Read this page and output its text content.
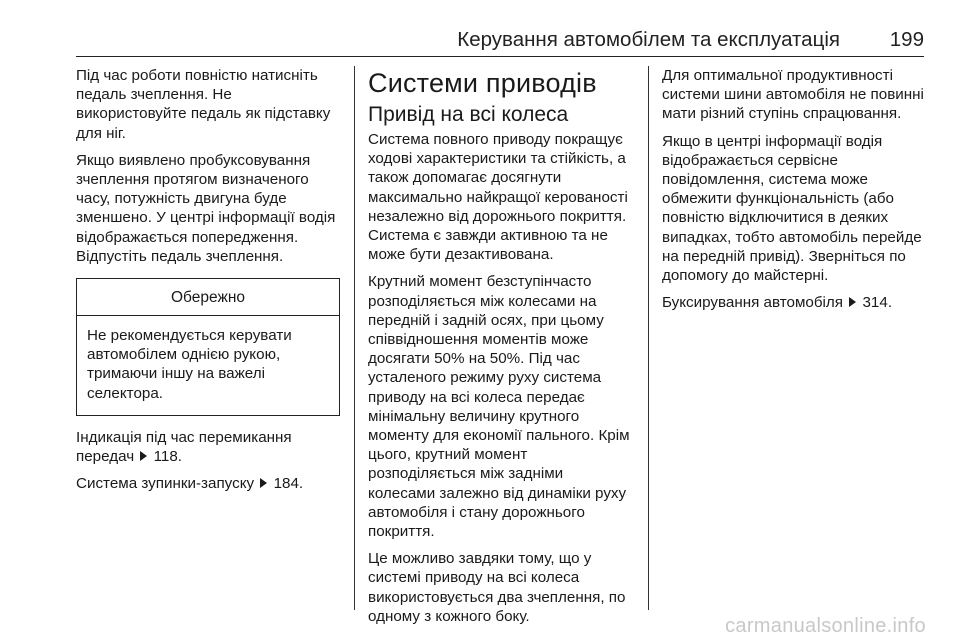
Керування автомобілем та експлуатація 199

Під час роботи повністю натисніть педаль зчеплення. Не використовуйте педаль як підставку для ніг.

Якщо виявлено пробуксовування зчеплення протягом визначеного часу, потужність двигуна буде зменшено. У центрі інформації водія відображається попередження. Відпустіть педаль зчеплення.

Обережно
Не рекомендується керувати автомобілем однією рукою, тримаючи іншу на важелі селектора.

Індикація під час перемикання передач 118.

Система зупинки-запуску 184.

Системи приводів
Привід на всі колеса

Система повного приводу покращує ходові характеристики та стійкість, а також допомагає досягнути максимально найкращої керованості незалежно від дорожнього покриття. Система є завжди активною та не може бути дезактивована.

Крутний момент безступінчасто розподіляється між колесами на передній і задній осях, при цьому співвідношення моментів може досягати 50% на 50%. Під час усталеного режиму руху система приводу на всі колеса передає мінімальну величину крутного моменту для економії пального. Крім цього, крутний момент розподіляється між задніми колесами залежно від динаміки руху автомобіля і стану дорожнього покриття.

Це можливо завдяки тому, що у системі приводу на всі колеса використовується два зчеплення, по одному з кожного боку.

Для оптимальної продуктивності системи шини автомобіля не повинні мати різний ступінь спрацювання.

Якщо в центрі інформації водія відображається сервісне повідомлення, система може обмежити функціональність (або повністю відключитися в деяких випадках, тобто автомобіль перейде на передній привід). Зверніться по допомогу до майстерні.

Буксирування автомобіля 314.

carmanualsonline.info
